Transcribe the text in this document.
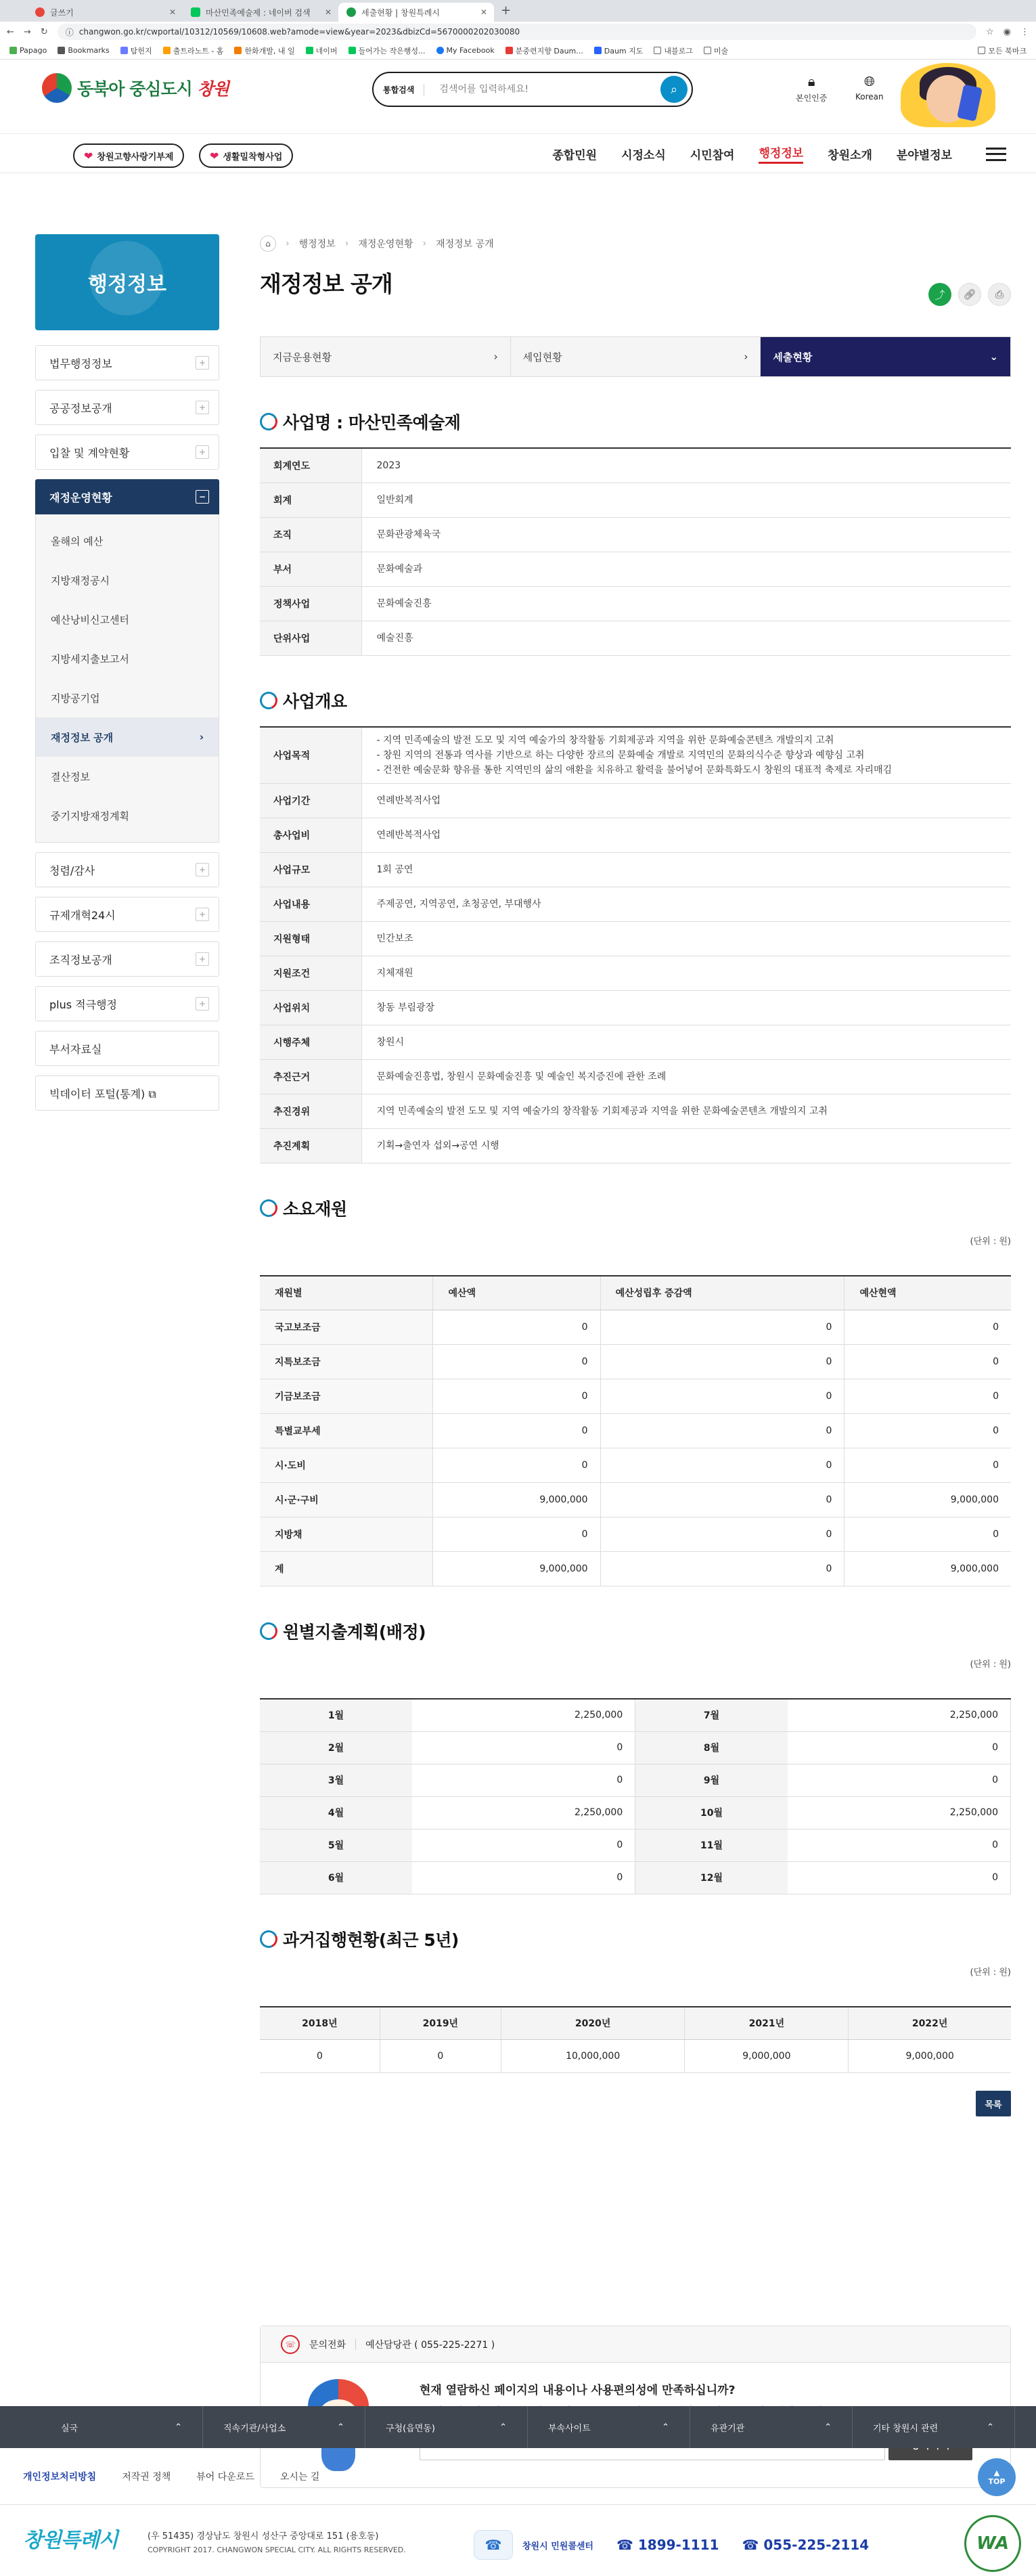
글쓰기	✕	마산민족예술제 : 네이버 검색 ✕	세출현황 | 창원특례시	✕	+
← → ↻ ⓘ changwon.go.kr/cwportal/10312/10569/10608.web?amode=view&year=2023&dbizCd=5670000202030080	☆ ◉ ⋮
Papago	Bookmarks	탐헌지	출트라노트 - 홈	한화개발, 내 일	네이버	들어가는 작은행성...	My Facebook	분중련지향 Daum...	Daum 지도	내블로그	미술	모든 북마크
동북아 중심도시 창원	통합검색
검색어를 입력하세요!	⌕	🔒︎
본인인증
🌐︎
Korean
❤ 창원고향사랑기부제	❤ 생활밀착형사업	종합민원 시정소식 시민참여 행정정보 창원소개 분야별정보
행정정보
법무행정정보	+
공공정보공개	+
입찰 및 계약현황	+
재정운영현황	−
올해의 예산
지방재정공시
예산낭비신고센터
지방세지출보고서
지방공기업
재정정보 공개	›
결산정보
중기지방재정계획
청렴/감사	+
규제개혁24시	+
조직정보공개	+
plus 적극행정	+
부서자료실
빅데이터 포털(통계) ⧉
⌂	› 행정정보 › 재정운영현황 › 재정정보 공개
재정정보 공개	⤴	🔗︎	⎙
지금운용현황	› 세입현황	› 세출현황	⌄
사업명 : 마산민족예술제
회계연도	2023
회계	일반회계
조직	문화관광체육국
부서	문화예술과
정책사업	문화예술진흥
단위사업	예술진흥
사업개요
사업목적	- 지역 민족예술의 발전 도모 및 지역 예술가의 창작활동 기회제공과 지역을 위한 문화예술콘텐츠 개발의지 고취
- 창원 지역의 전통과 역사를 기반으로 하는 다양한 장르의 문화예술 개발로 지역민의 문화의식수준 향상과 예향심 고취
- 건전한 예술문화 향유를 통한 지역민의 삶의 애환을 치유하고 활력을 불어넣어 문화특화도시 창원의 대표적 축제로 자리매김
사업기간	연례반복적사업
총사업비	연례반복적사업
사업규모	1회 공연
사업내용	주제공연, 지역공연, 초청공연, 부대행사
지원형태	민간보조
지원조건	지체재원
사업위치	창동 부림광장
시행주체	창원시
추진근거	문화예술진흥법, 창원시 문화예술진흥 및 예술인 복지증진에 관한 조례
추진경위	지역 민족예술의 발전 도모 및 지역 예술가의 창작활동 기회제공과 지역을 위한 문화예술콘텐츠 개발의지 고취
추진계획	기획→출연자 섭외→공연 시행
소요재원

(단위 : 원)

재원별	예산액	예산성립후 증감액	예산현액
국고보조금	0	0	0
지특보조금	0	0	0
기금보조금	0	0	0
특별교부세	0	0	0
시·도비	0	0	0
시·군·구비	9,000,000	0	9,000,000
지방채	0	0	0
계	9,000,000	0	9,000,000
원별지출계획(배정)

(단위 : 원)

1월	2,250,000	7월	2,250,000
2월	0	8월	0
3월	0	9월	0
4월	2,250,000	10월	2,250,000
5월	0	11월	0
6월	0	12월	0
과거집행현황(최근 5년)

(단위 : 원)

2018년	2019년	2020년	2021년	2022년
0	0	10,000,000	9,000,000	9,000,000
목록
☏	문의전화 예산담당관 ( 055-225-2271 )

현재 열람하신 페이지의 내용이나 사용편의성에 만족하십니까?

여러분의 소중한 의견을 부탁드립니다.
실국	⌃	직속기관/사업소	⌃	구청(읍면동)	⌃	부속사이트	⌃	유관기관	⌃	기타 창원시 관련	⌃
개인정보처리방침	저작권 정책	뷰어 다운로드	오시는 길	▲
TOP
창원특례시	(우 51435) 경상남도 창원시 성산구 중앙대로 151 (용호동)
COPYRIGHT 2017. CHANGWON SPECIAL CITY. ALL RIGHTS RESERVED.	☎	창원시 민원콜센터 ☎ 1899-1111 ☎ 055-225-2114	WA
